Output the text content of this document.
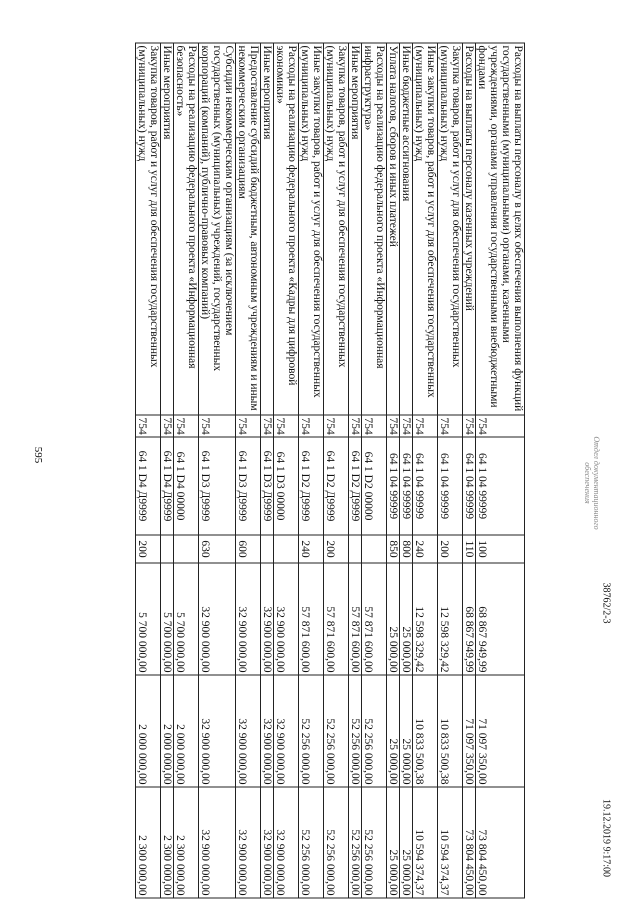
595
Расходы на выплаты персоналу в целях обеспечения выполнения функций государственными (муниципальными) органами, казенными учреждениями, органами управления государственными внебюджетными фондами	754	64 1 04 99999	100	68 867 949,99	71 097 350,00	73 804 450,00
Расходы на выплаты персоналу казенных учреждений	754	64 1 04 99999	110	68 867 949,99	71 097 350,00	73 804 450,00
Закупка товаров, работ и услуг для обеспечения государственных (муниципальных) нужд	754	64 1 04 99999	200	12 598 329,42	10 833 500,38	10 594 374,37
Иные закупки товаров, работ и услуг для обеспечения государственных (муниципальных) нужд	754	64 1 04 99999	240	12 598 329,42	10 833 500,38	10 594 374,37
Иные бюджетные ассигнования	754	64 1 04 99999	800	25 000,00	25 000,00	25 000,00
Уплата налогов, сборов и иных платежей	754	64 1 04 99999	850	25 000,00	25 000,00	25 000,00
Расходы на реализацию федерального проекта «Информационная инфраструктура»	754	64 1 D2 00000		57 871 600,00	52 256 000,00	52 256 000,00
Иные мероприятия	754	64 1 D2 Д9999		57 871 600,00	52 256 000,00	52 256 000,00
Закупка товаров, работ и услуг для обеспечения государственных (муниципальных) нужд	754	64 1 D2 Д9999	200	57 871 600,00	52 256 000,00	52 256 000,00
Иные закупки товаров, работ и услуг для обеспечения государственных (муниципальных) нужд	754	64 1 D2 Д9999	240	57 871 600,00	52 256 000,00	52 256 000,00
Расходы на реализацию федерального проекта «Кадры для цифровой экономики»	754	64 1 D3 00000		32 900 000,00	32 900 000,00	32 900 000,00
Иные мероприятия	754	64 1 D3 Д9999		32 900 000,00	32 900 000,00	32 900 000,00
Предоставление субсидий бюджетным, автономным учреждениям и иным некоммерческим организациям	754	64 1 D3 Д9999	600	32 900 000,00	32 900 000,00	32 900 000,00
Субсидии некоммерческим организациям (за исключением государственных (муниципальных) учреждений, государственных корпораций (компаний), публично-правовых компаний)	754	64 1 D3 Д9999	630	32 900 000,00	32 900 000,00	32 900 000,00
Расходы на реализацию федерального проекта «Информационная безопасность»	754	64 1 D4 00000		5 700 000,00	2 000 000,00	2 300 000,00
Иные мероприятия	754	64 1 D4 Д9999		5 700 000,00	2 000 000,00	2 300 000,00
Закупка товаров, работ и услуг для обеспечения государственных (муниципальных) нужд	754	64 1 D4 Д9999	200	5 700 000,00	2 000 000,00	2 300 000,00
Отдел документационного
обеспечения
19.12.2019 9:17:00
38762/2-3
